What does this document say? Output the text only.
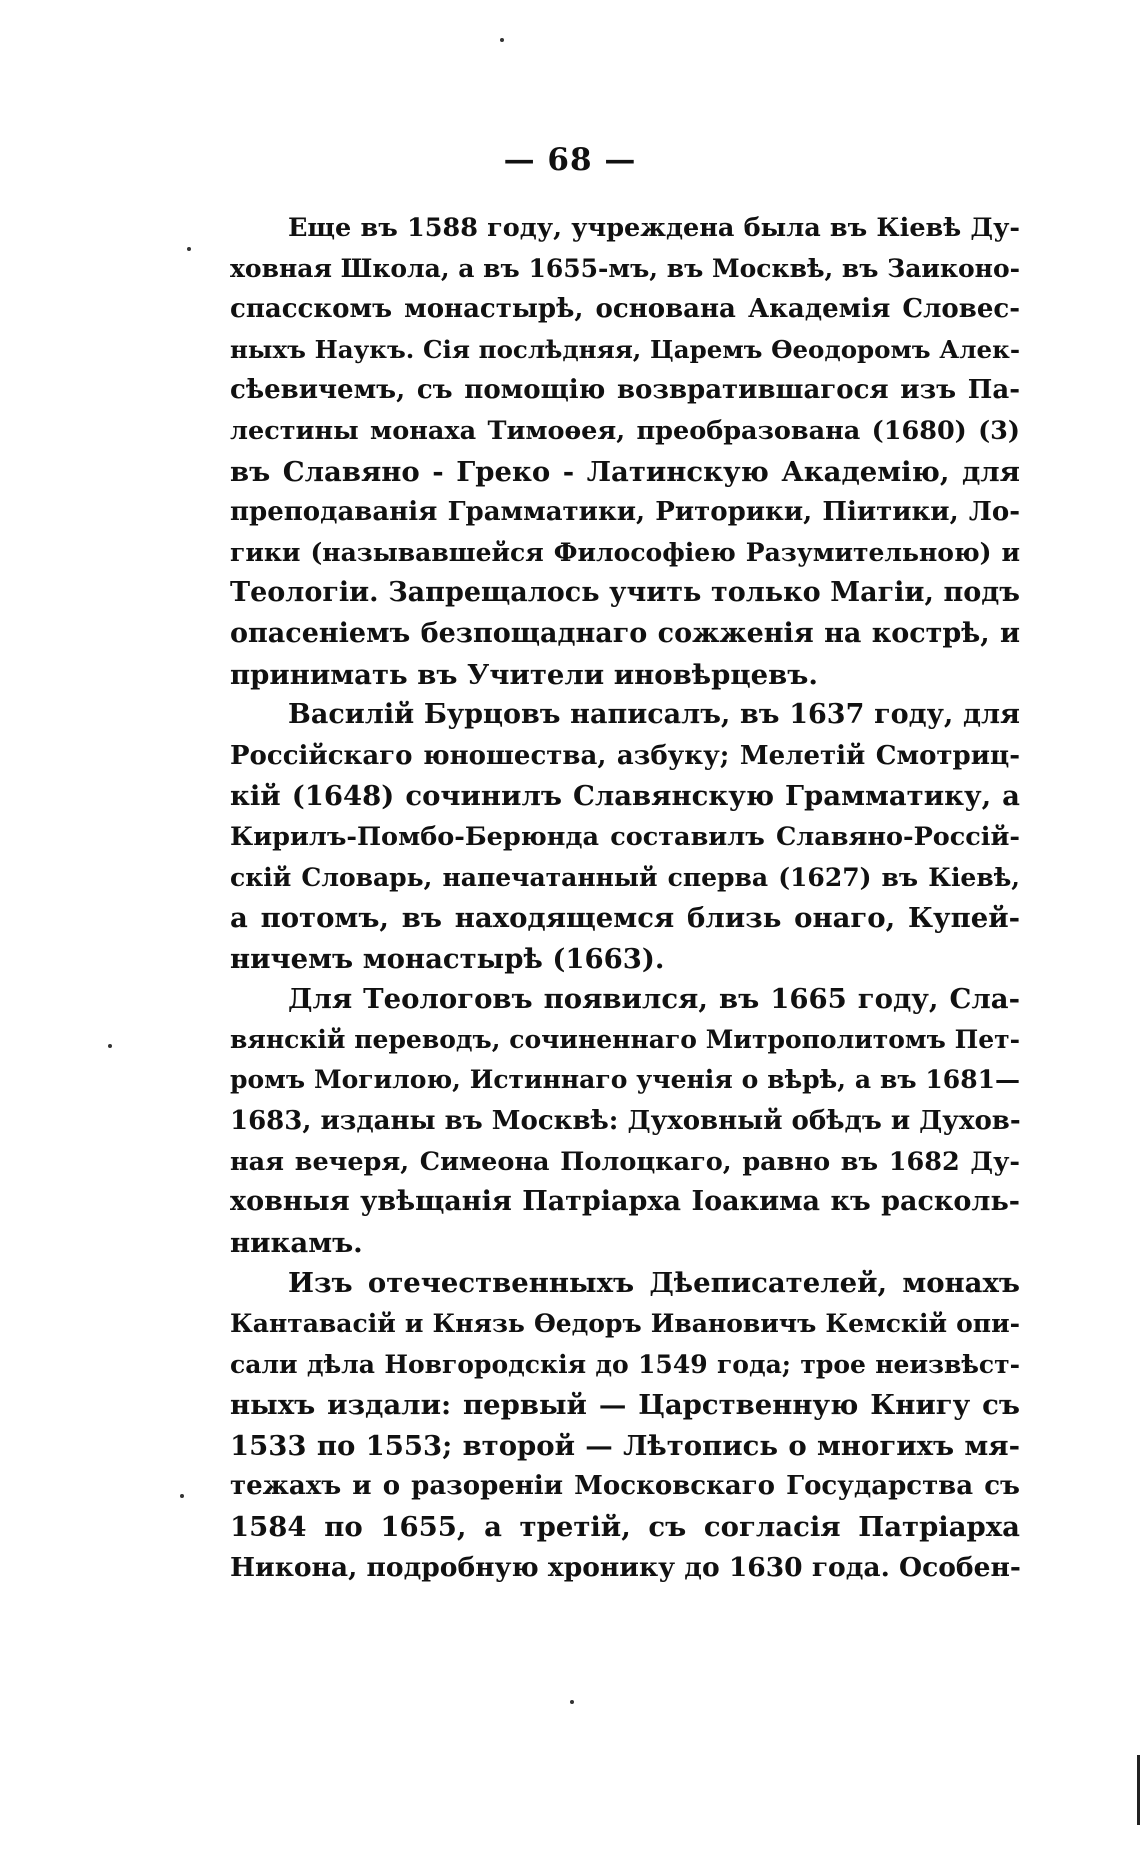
— 68 —
Еще въ 1588 году, учреждена была въ Кіевѣ Ду-
ховная Школа, а въ 1655-мъ, въ Москвѣ, въ Заиконо-
спасскомъ монастырѣ, основана Академія Словес-
ныхъ Наукъ. Сія послѣдняя, Царемъ Ѳеодоромъ Алек-
сѣевичемъ, съ помощію возвратившагося изъ Па-
лестины монаха Тимоѳея, преобразована (1680) (3)
въ Славяно - Греко - Латинскую Академію, для
преподаванія Грамматики, Риторики, Піитики, Ло-
гики (называвшейся Философіею Разумительною) и
Теологіи. Запрещалось учить только Магіи, подъ
опасеніемъ безпощаднаго сожженія на кострѣ, и
принимать въ Учители иновѣрцевъ.
Василій Бурцовъ написалъ, въ 1637 году, для
Россійскаго юношества, азбуку; Мелетій Смотриц-
кій (1648) сочинилъ Славянскую Грамматику, а
Кирилъ-Помбо-Берюнда составилъ Славяно-Россій-
скій Словарь, напечатанный сперва (1627) въ Кіевѣ,
а потомъ, въ находящемся близь онаго, Купей-
ничемъ монастырѣ (1663).
Для Теологовъ появился, въ 1665 году, Сла-
вянскій переводъ, сочиненнаго Митрополитомъ Пет-
ромъ Могилою, Истиннаго ученія о вѣрѣ, а въ 1681—
1683, изданы въ Москвѣ: Духовный обѣдъ и Духов-
ная вечеря, Симеона Полоцкаго, равно въ 1682 Ду-
ховныя увѣщанія Патріарха Іоакима къ расколь-
никамъ.
Изъ отечественныхъ Дѣеписателей, монахъ
Кантавасій и Князь Ѳедоръ Ивановичъ Кемскій опи-
сали дѣла Новгородскія до 1549 года; трое неизвѣст-
ныхъ издали: первый — Царственную Книгу съ
1533 по 1553; второй — Лѣтопись о многихъ мя-
тежахъ и о разореніи Московскаго Государства съ
1584 по 1655, а третій, съ согласія Патріарха
Никона, подробную хронику до 1630 года. Особен-
